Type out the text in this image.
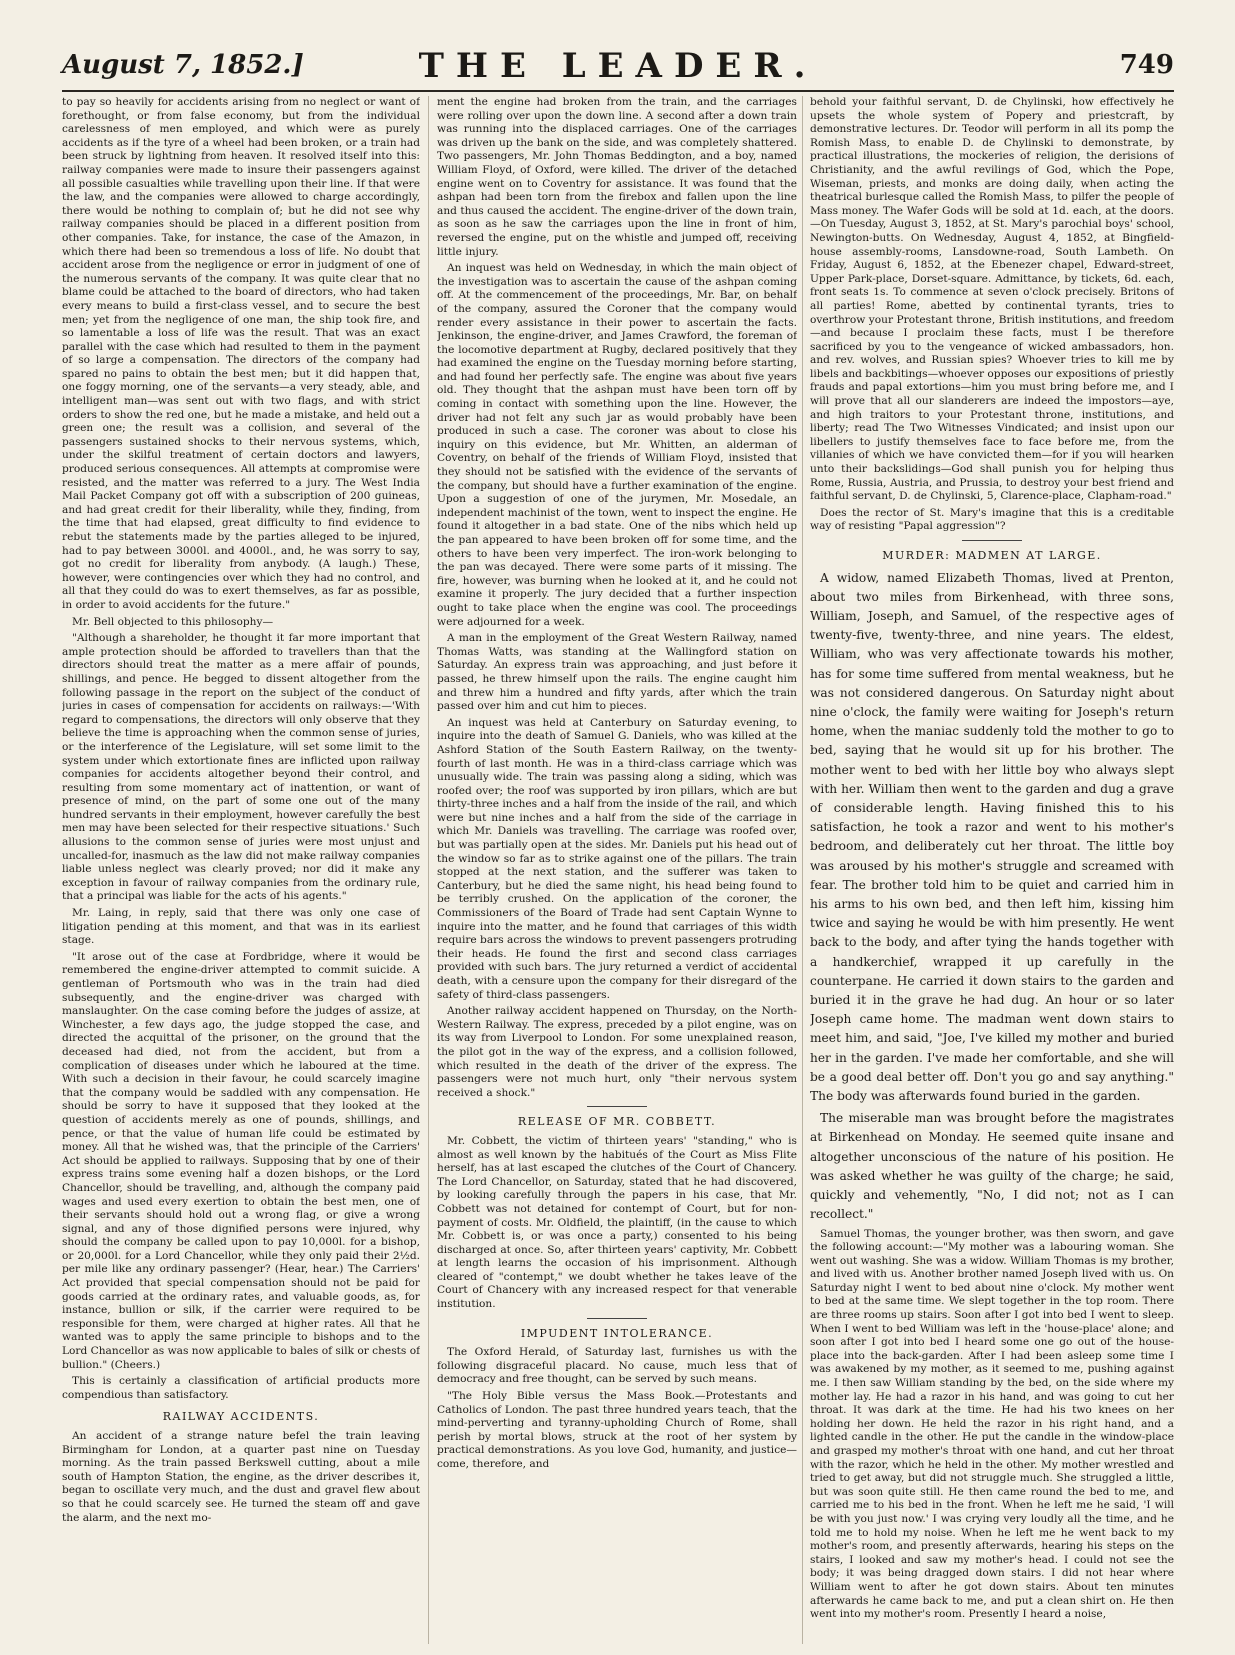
August 7, 1852.]	THE LEADER.	749

to pay so heavily for accidents arising from no neglect or want of forethought, or from false economy, but from the individual carelessness of men employed, and which were as purely accidents as if the tyre of a wheel had been broken, or a train had been struck by lightning from heaven. It resolved itself into this: railway companies were made to insure their passengers against all possible casualties while travelling upon their line. If that were the law, and the companies were allowed to charge accordingly, there would be nothing to complain of; but he did not see why railway companies should be placed in a different position from other companies. Take, for instance, the case of the Amazon, in which there had been so tremendous a loss of life. No doubt that accident arose from the negligence or error in judgment of one of the numerous servants of the company. It was quite clear that no blame could be attached to the board of directors, who had taken every means to build a first-class vessel, and to secure the best men; yet from the negligence of one man, the ship took fire, and so lamentable a loss of life was the result. That was an exact parallel with the case which had resulted to them in the payment of so large a compensation. The directors of the company had spared no pains to obtain the best men; but it did happen that, one foggy morning, one of the servants—a very steady, able, and intelligent man—was sent out with two flags, and with strict orders to show the red one, but he made a mistake, and held out a green one; the result was a collision, and several of the passengers sustained shocks to their nervous systems, which, under the skilful treatment of certain doctors and lawyers, produced serious consequences. All attempts at compromise were resisted, and the matter was referred to a jury. The West India Mail Packet Company got off with a subscription of 200 guineas, and had great credit for their liberality, while they, finding, from the time that had elapsed, great difficulty to find evidence to rebut the statements made by the parties alleged to be injured, had to pay between 3000l. and 4000l., and, he was sorry to say, got no credit for liberality from anybody. (A laugh.) These, however, were contingencies over which they had no control, and all that they could do was to exert themselves, as far as possible, in order to avoid accidents for the future."

Mr. Bell objected to this philosophy—

"Although a shareholder, he thought it far more important that ample protection should be afforded to travellers than that the directors should treat the matter as a mere affair of pounds, shillings, and pence. He begged to dissent altogether from the following passage in the report on the subject of the conduct of juries in cases of compensation for accidents on railways:—'With regard to compensations, the directors will only observe that they believe the time is approaching when the common sense of juries, or the interference of the Legislature, will set some limit to the system under which extortionate fines are inflicted upon railway companies for accidents altogether beyond their control, and resulting from some momentary act of inattention, or want of presence of mind, on the part of some one out of the many hundred servants in their employment, however carefully the best men may have been selected for their respective situations.' Such allusions to the common sense of juries were most unjust and uncalled-for, inasmuch as the law did not make railway companies liable unless neglect was clearly proved; nor did it make any exception in favour of railway companies from the ordinary rule, that a principal was liable for the acts of his agents."

Mr. Laing, in reply, said that there was only one case of litigation pending at this moment, and that was in its earliest stage.

"It arose out of the case at Fordbridge, where it would be remembered the engine-driver attempted to commit suicide. A gentleman of Portsmouth who was in the train had died subsequently, and the engine-driver was charged with manslaughter. On the case coming before the judges of assize, at Winchester, a few days ago, the judge stopped the case, and directed the acquittal of the prisoner, on the ground that the deceased had died, not from the accident, but from a complication of diseases under which he laboured at the time. With such a decision in their favour, he could scarcely imagine that the company would be saddled with any compensation. He should be sorry to have it supposed that they looked at the question of accidents merely as one of pounds, shillings, and pence, or that the value of human life could be estimated by money. All that he wished was, that the principle of the Carriers' Act should be applied to railways. Supposing that by one of their express trains some evening half a dozen bishops, or the Lord Chancellor, should be travelling, and, although the company paid wages and used every exertion to obtain the best men, one of their servants should hold out a wrong flag, or give a wrong signal, and any of those dignified persons were injured, why should the company be called upon to pay 10,000l. for a bishop, or 20,000l. for a Lord Chancellor, while they only paid their 2½d. per mile like any ordinary passenger? (Hear, hear.) The Carriers' Act provided that special compensation should not be paid for goods carried at the ordinary rates, and valuable goods, as, for instance, bullion or silk, if the carrier were required to be responsible for them, were charged at higher rates. All that he wanted was to apply the same principle to bishops and to the Lord Chancellor as was now applicable to bales of silk or chests of bullion." (Cheers.)

This is certainly a classification of artificial products more compendious than satisfactory.

RAILWAY ACCIDENTS.

An accident of a strange nature befel the train leaving Birmingham for London, at a quarter past nine on Tuesday morning. As the train passed Berkswell cutting, about a mile south of Hampton Station, the engine, as the driver describes it, began to oscillate very much, and the dust and gravel flew about so that he could scarcely see. He turned the steam off and gave the alarm, and the next mo-

ment the engine had broken from the train, and the carriages were rolling over upon the down line. A second after a down train was running into the displaced carriages. One of the carriages was driven up the bank on the side, and was completely shattered. Two passengers, Mr. John Thomas Beddington, and a boy, named William Floyd, of Oxford, were killed. The driver of the detached engine went on to Coventry for assistance. It was found that the ashpan had been torn from the firebox and fallen upon the line and thus caused the accident. The engine-driver of the down train, as soon as he saw the carriages upon the line in front of him, reversed the engine, put on the whistle and jumped off, receiving little injury.

An inquest was held on Wednesday, in which the main object of the investigation was to ascertain the cause of the ashpan coming off. At the commencement of the proceedings, Mr. Bar, on behalf of the company, assured the Coroner that the company would render every assistance in their power to ascertain the facts. Jenkinson, the engine-driver, and James Crawford, the foreman of the locomotive department at Rugby, declared positively that they had examined the engine on the Tuesday morning before starting, and had found her perfectly safe. The engine was about five years old. They thought that the ashpan must have been torn off by coming in contact with something upon the line. However, the driver had not felt any such jar as would probably have been produced in such a case. The coroner was about to close his inquiry on this evidence, but Mr. Whitten, an alderman of Coventry, on behalf of the friends of William Floyd, insisted that they should not be satisfied with the evidence of the servants of the company, but should have a further examination of the engine. Upon a suggestion of one of the jurymen, Mr. Mosedale, an independent machinist of the town, went to inspect the engine. He found it altogether in a bad state. One of the nibs which held up the pan appeared to have been broken off for some time, and the others to have been very imperfect. The iron-work belonging to the pan was decayed. There were some parts of it missing. The fire, however, was burning when he looked at it, and he could not examine it properly. The jury decided that a further inspection ought to take place when the engine was cool. The proceedings were adjourned for a week.

A man in the employment of the Great Western Railway, named Thomas Watts, was standing at the Wallingford station on Saturday. An express train was approaching, and just before it passed, he threw himself upon the rails. The engine caught him and threw him a hundred and fifty yards, after which the train passed over him and cut him to pieces.

An inquest was held at Canterbury on Saturday evening, to inquire into the death of Samuel G. Daniels, who was killed at the Ashford Station of the South Eastern Railway, on the twenty-fourth of last month. He was in a third-class carriage which was unusually wide. The train was passing along a siding, which was roofed over; the roof was supported by iron pillars, which are but thirty-three inches and a half from the inside of the rail, and which were but nine inches and a half from the side of the carriage in which Mr. Daniels was travelling. The carriage was roofed over, but was partially open at the sides. Mr. Daniels put his head out of the window so far as to strike against one of the pillars. The train stopped at the next station, and the sufferer was taken to Canterbury, but he died the same night, his head being found to be terribly crushed. On the application of the coroner, the Commissioners of the Board of Trade had sent Captain Wynne to inquire into the matter, and he found that carriages of this width require bars across the windows to prevent passengers protruding their heads. He found the first and second class carriages provided with such bars. The jury returned a verdict of accidental death, with a censure upon the company for their disregard of the safety of third-class passengers.

Another railway accident happened on Thursday, on the North-Western Railway. The express, preceded by a pilot engine, was on its way from Liverpool to London. For some unexplained reason, the pilot got in the way of the express, and a collision followed, which resulted in the death of the driver of the express. The passengers were not much hurt, only "their nervous system received a shock."

RELEASE OF MR. COBBETT.

Mr. Cobbett, the victim of thirteen years' "standing," who is almost as well known by the habitués of the Court as Miss Flite herself, has at last escaped the clutches of the Court of Chancery. The Lord Chancellor, on Saturday, stated that he had discovered, by looking carefully through the papers in his case, that Mr. Cobbett was not detained for contempt of Court, but for non-payment of costs. Mr. Oldfield, the plaintiff, (in the cause to which Mr. Cobbett is, or was once a party,) consented to his being discharged at once. So, after thirteen years' captivity, Mr. Cobbett at length learns the occasion of his imprisonment. Although cleared of "contempt," we doubt whether he takes leave of the Court of Chancery with any increased respect for that venerable institution.

IMPUDENT INTOLERANCE.

The Oxford Herald, of Saturday last, furnishes us with the following disgraceful placard. No cause, much less that of democracy and free thought, can be served by such means.

"The Holy Bible versus the Mass Book.—Protestants and Catholics of London. The past three hundred years teach, that the mind-perverting and tyranny-upholding Church of Rome, shall perish by mortal blows, struck at the root of her system by practical demonstrations. As you love God, humanity, and justice—come, therefore, and

behold your faithful servant, D. de Chylinski, how effectively he upsets the whole system of Popery and priestcraft, by demonstrative lectures. Dr. Teodor will perform in all its pomp the Romish Mass, to enable D. de Chylinski to demonstrate, by practical illustrations, the mockeries of religion, the derisions of Christianity, and the awful revilings of God, which the Pope, Wiseman, priests, and monks are doing daily, when acting the theatrical burlesque called the Romish Mass, to pilfer the people of Mass money. The Wafer Gods will be sold at 1d. each, at the doors.—On Tuesday, August 3, 1852, at St. Mary's parochial boys' school, Newington-butts. On Wednesday, August 4, 1852, at Bingfield-house assembly-rooms, Lansdowne-road, South Lambeth. On Friday, August 6, 1852, at the Ebenezer chapel, Edward-street, Upper Park-place, Dorset-square. Admittance, by tickets, 6d. each, front seats 1s. To commence at seven o'clock precisely. Britons of all parties! Rome, abetted by continental tyrants, tries to overthrow your Protestant throne, British institutions, and freedom—and because I proclaim these facts, must I be therefore sacrificed by you to the vengeance of wicked ambassadors, hon. and rev. wolves, and Russian spies? Whoever tries to kill me by libels and backbitings—whoever opposes our expositions of priestly frauds and papal extortions—him you must bring before me, and I will prove that all our slanderers are indeed the impostors—aye, and high traitors to your Protestant throne, institutions, and liberty; read The Two Witnesses Vindicated; and insist upon our libellers to justify themselves face to face before me, from the villanies of which we have convicted them—for if you will hearken unto their backslidings—God shall punish you for helping thus Rome, Russia, Austria, and Prussia, to destroy your best friend and faithful servant, D. de Chylinski, 5, Clarence-place, Clapham-road."

Does the rector of St. Mary's imagine that this is a creditable way of resisting "Papal aggression"?

MURDER: MADMEN AT LARGE.

A widow, named Elizabeth Thomas, lived at Prenton, about two miles from Birkenhead, with three sons, William, Joseph, and Samuel, of the respective ages of twenty-five, twenty-three, and nine years. The eldest, William, who was very affectionate towards his mother, has for some time suffered from mental weakness, but he was not considered dangerous. On Saturday night about nine o'clock, the family were waiting for Joseph's return home, when the maniac suddenly told the mother to go to bed, saying that he would sit up for his brother. The mother went to bed with her little boy who always slept with her. William then went to the garden and dug a grave of considerable length. Having finished this to his satisfaction, he took a razor and went to his mother's bedroom, and deliberately cut her throat. The little boy was aroused by his mother's struggle and screamed with fear. The brother told him to be quiet and carried him in his arms to his own bed, and then left him, kissing him twice and saying he would be with him presently. He went back to the body, and after tying the hands together with a handkerchief, wrapped it up carefully in the counterpane. He carried it down stairs to the garden and buried it in the grave he had dug. An hour or so later Joseph came home. The madman went down stairs to meet him, and said, "Joe, I've killed my mother and buried her in the garden. I've made her comfortable, and she will be a good deal better off. Don't you go and say anything." The body was afterwards found buried in the garden.

The miserable man was brought before the magistrates at Birkenhead on Monday. He seemed quite insane and altogether unconscious of the nature of his position. He was asked whether he was guilty of the charge; he said, quickly and vehemently, "No, I did not; not as I can recollect."

Samuel Thomas, the younger brother, was then sworn, and gave the following account:—"My mother was a labouring woman. She went out washing. She was a widow. William Thomas is my brother, and lived with us. Another brother named Joseph lived with us. On Saturday night I went to bed about nine o'clock. My mother went to bed at the same time. We slept together in the top room. There are three rooms up stairs. Soon after I got into bed I went to sleep. When I went to bed William was left in the 'house-place' alone; and soon after I got into bed I heard some one go out of the house-place into the back-garden. After I had been asleep some time I was awakened by my mother, as it seemed to me, pushing against me. I then saw William standing by the bed, on the side where my mother lay. He had a razor in his hand, and was going to cut her throat. It was dark at the time. He had his two knees on her holding her down. He held the razor in his right hand, and a lighted candle in the other. He put the candle in the window-place and grasped my mother's throat with one hand, and cut her throat with the razor, which he held in the other. My mother wrestled and tried to get away, but did not struggle much. She struggled a little, but was soon quite still. He then came round the bed to me, and carried me to his bed in the front. When he left me he said, 'I will be with you just now.' I was crying very loudly all the time, and he told me to hold my noise. When he left me he went back to my mother's room, and presently afterwards, hearing his steps on the stairs, I looked and saw my mother's head. I could not see the body; it was being dragged down stairs. I did not hear where William went to after he got down stairs. About ten minutes afterwards he came back to me, and put a clean shirt on. He then went into my mother's room. Presently I heard a noise,
